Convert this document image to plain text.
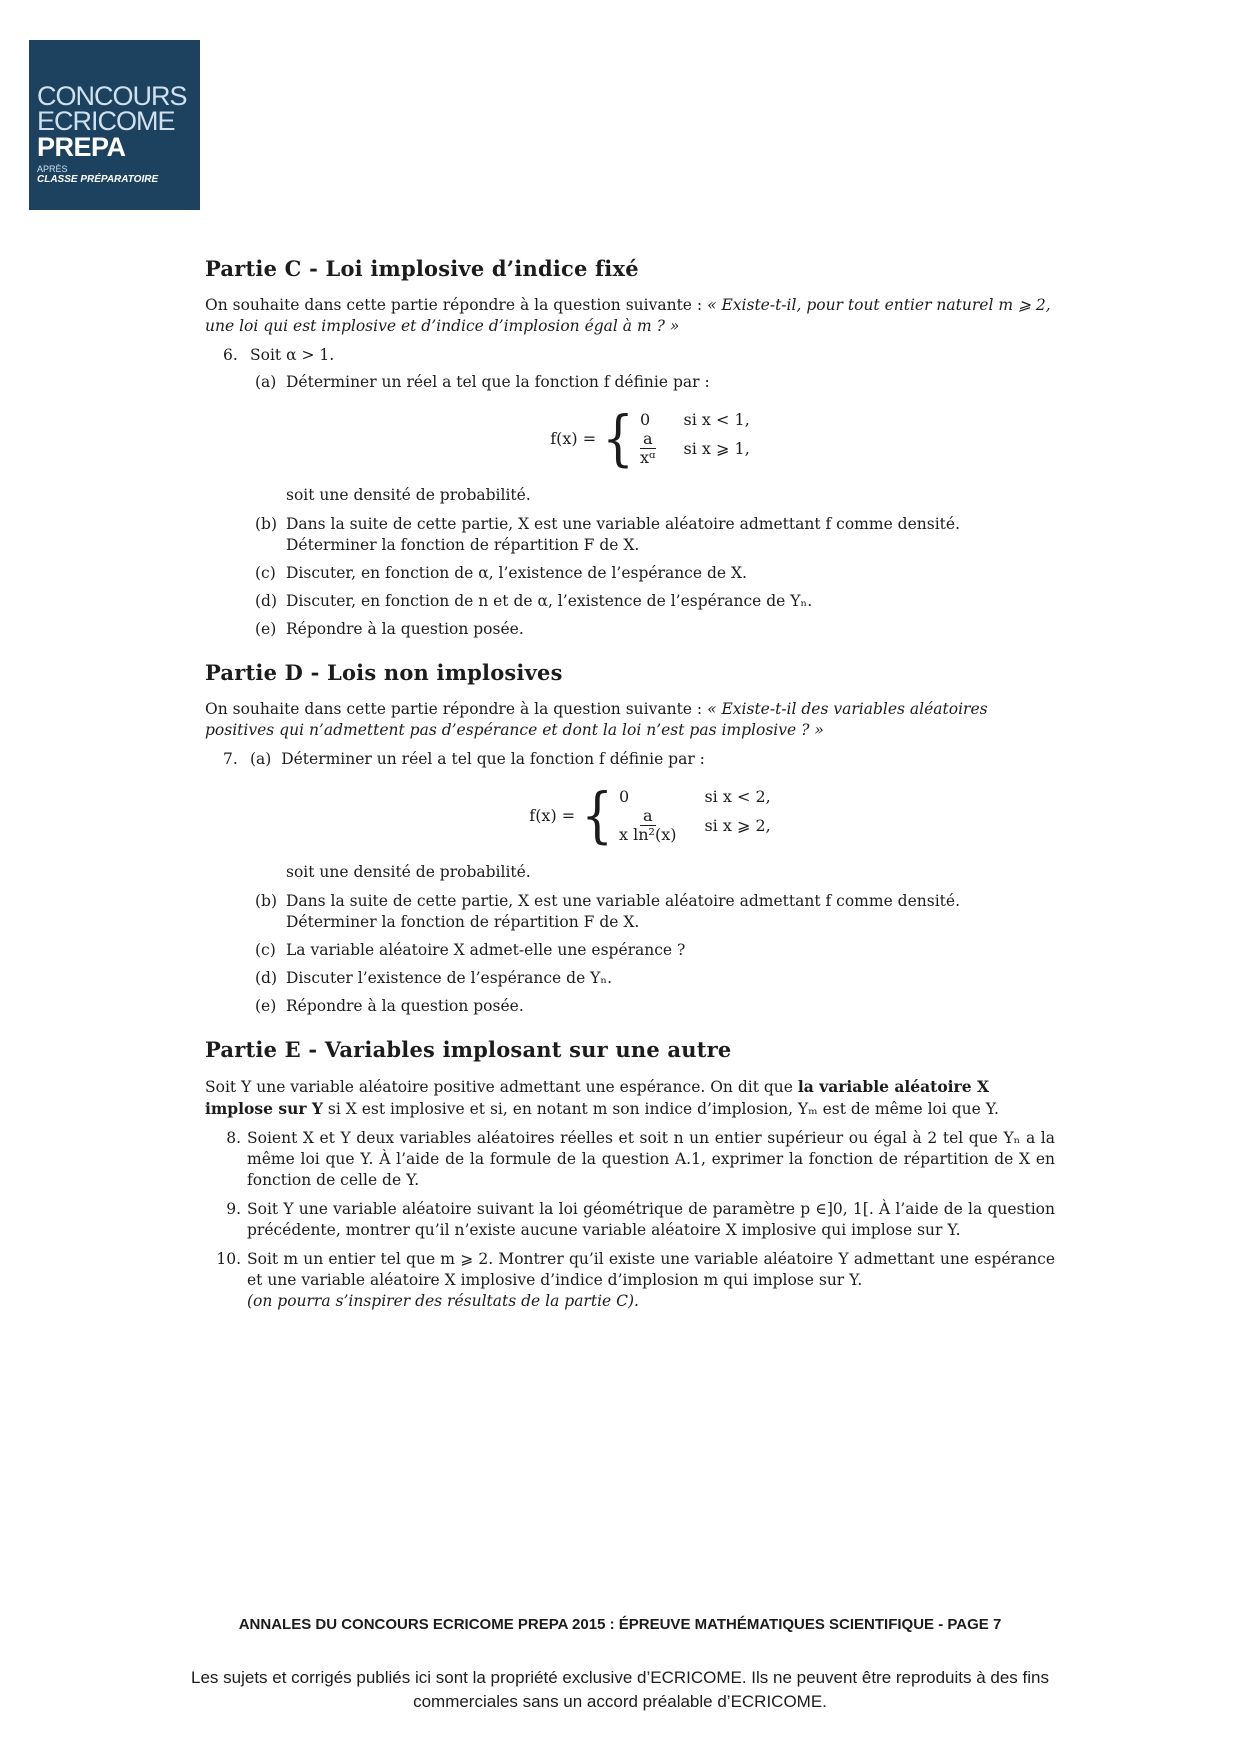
CONCOURS
ECRICOME
PREPA
APRÈS
CLASSE PRÉPARATOIRE
Partie C - Loi implosive d’indice fixé

On souhaite dans cette partie répondre à la question suivante : « Existe-t-il, pour tout entier naturel m ⩾ 2, une loi qui est implosive et d’indice d’implosion égal à m ? »

6. Soit α > 1.
(a) Déterminer un réel a tel que la fonction f définie par :
f(x) = { 0	si x < 1,
$\frac{a}{\text{xᵅ}}$ si x ⩾ 1,

soit une densité de probabilité.

(b) Dans la suite de cette partie, X est une variable aléatoire admettant f comme densité.
Déterminer la fonction de répartition F de X.
(c) Discuter, en fonction de α, l’existence de l’espérance de X.
(d) Discuter, en fonction de n et de α, l’existence de l’espérance de Yₙ.
(e) Répondre à la question posée.
Partie D - Lois non implosives

On souhaite dans cette partie répondre à la question suivante : « Existe-t-il des variables aléatoires positives qui n’admettent pas d’espérance et dont la loi n’est pas implosive ? »

7. (a) Déterminer un réel a tel que la fonction f définie par :
f(x) = { 0	si x < 2,
$\frac{a}{\text{x ln²(x)}}$ si x ⩾ 2,

soit une densité de probabilité.

(b) Dans la suite de cette partie, X est une variable aléatoire admettant f comme densité.
Déterminer la fonction de répartition F de X.
(c) La variable aléatoire X admet-elle une espérance ?
(d) Discuter l’existence de l’espérance de Yₙ.
(e) Répondre à la question posée.
Partie E - Variables implosant sur une autre

Soit Y une variable aléatoire positive admettant une espérance. On dit que la variable aléatoire X implose sur Y si X est implosive et si, en notant m son indice d’implosion, Yₘ est de même loi que Y.

8. Soient X et Y deux variables aléatoires réelles et soit n un entier supérieur ou égal à 2 tel que Yₙ a la même loi que Y. À l’aide de la formule de la question A.1, exprimer la fonction de répartition de X en fonction de celle de Y.

9. Soit Y une variable aléatoire suivant la loi géométrique de paramètre p ∈]0, 1[. À l’aide de la question précédente, montrer qu’il n’existe aucune variable aléatoire X implosive qui implose sur Y.

10. Soit m un entier tel que m ⩾ 2. Montrer qu’il existe une variable aléatoire Y admettant une espérance et une variable aléatoire X implosive d’indice d’implosion m qui implose sur Y.

(on pourra s’inspirer des résultats de la partie C).

ANNALES DU CONCOURS ECRICOME PREPA 2015 : ÉPREUVE MATHÉMATIQUES SCIENTIFIQUE - PAGE 7
Les sujets et corrigés publiés ici sont la propriété exclusive d’ECRICOME. Ils ne peuvent être reproduits à des fins commerciales sans un accord préalable d’ECRICOME.
